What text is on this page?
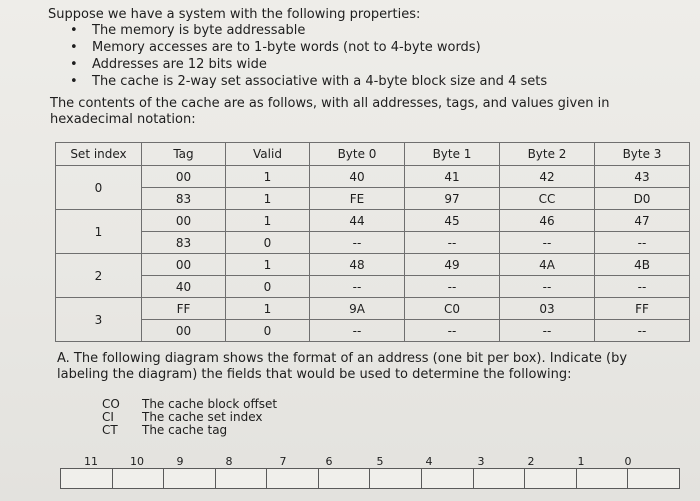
Suppose we have a system with the following properties:
• The memory is byte addressable
• Memory accesses are to 1-byte words (not to 4-byte words)
• Addresses are 12 bits wide
• The cache is 2-way set associative with a 4-byte block size and 4 sets
The contents of the cache are as follows, with all addresses, tags, and values given in hexadecimal notation:
Set index	Tag	Valid	Byte 0	Byte 1	Byte 2	Byte 3
0	00	1	40	41	42	43
	83	1	FE	97	CC	D0
1	00	1	44	45	46	47
	83	0	--	--	--	--
2	00	1	48	49	4A	4B
	40	0	--	--	--	--
3	FF	1	9A	C0	03	FF
	00	0	--	--	--	--
A. The following diagram shows the format of an address (one bit per box). Indicate (by labeling the diagram) the fields that would be used to determine the following:
CO The cache block offset
CI The cache set index
CT The cache tag
11	10	9	8	7	6	5	4	3	2	1	0
